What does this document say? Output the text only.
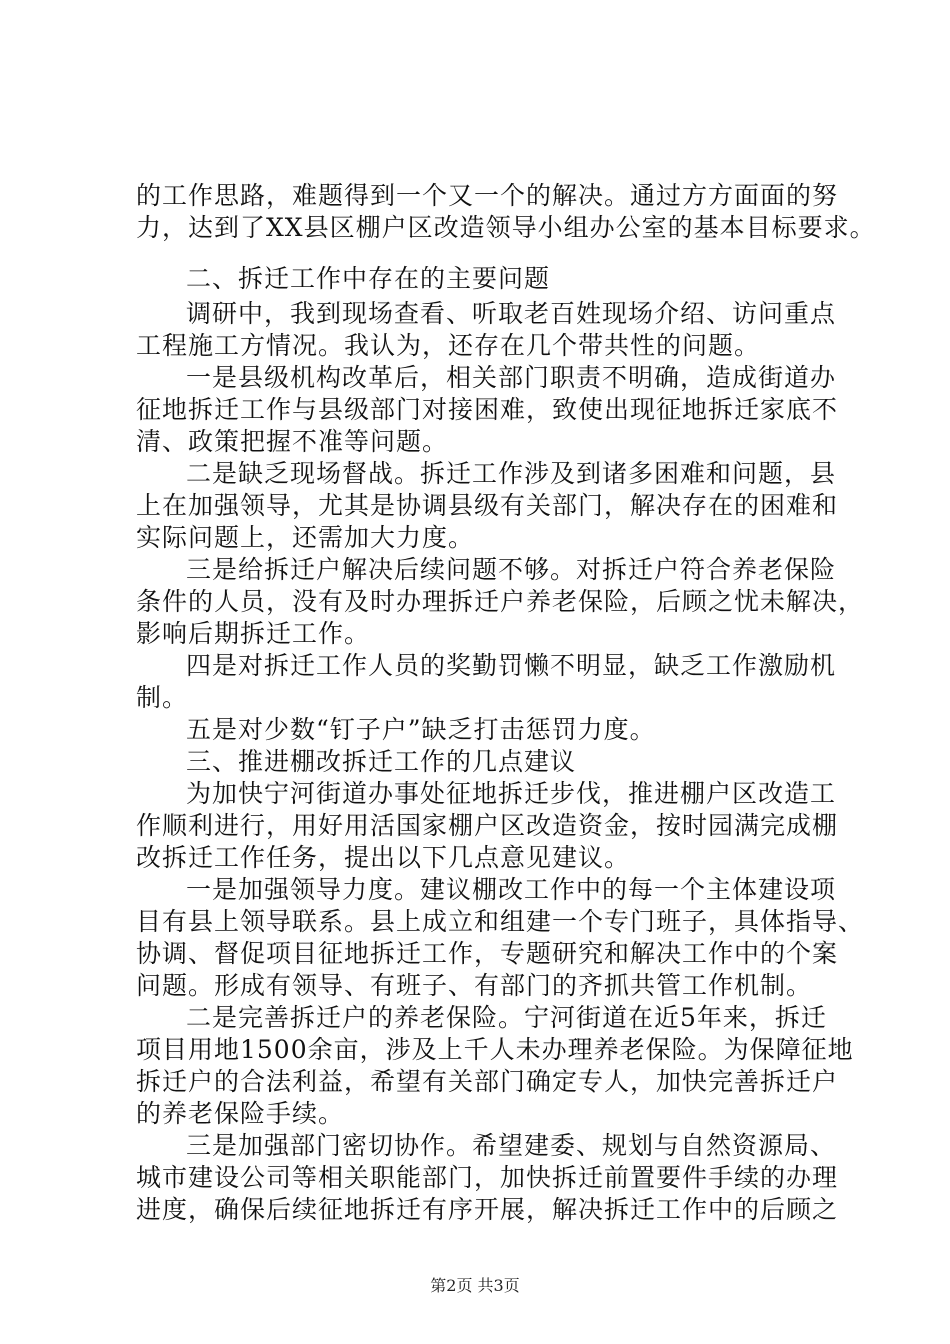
的工作思路，难题得到一个又一个的解决。通过方方面面的努
力，达到了XX县区棚户区改造领导小组办公室的基本目标要求。
二、拆迁工作中存在的主要问题
调研中，我到现场查看、听取老百姓现场介绍、访问重点
工程施工方情况。我认为，还存在几个带共性的问题。
一是县级机构改革后，相关部门职责不明确，造成街道办
征地拆迁工作与县级部门对接困难，致使出现征地拆迁家底不
清、政策把握不准等问题。
二是缺乏现场督战。拆迁工作涉及到诸多困难和问题，县
上在加强领导，尤其是协调县级有关部门，解决存在的困难和
实际问题上，还需加大力度。
三是给拆迁户解决后续问题不够。对拆迁户符合养老保险
条件的人员，没有及时办理拆迁户养老保险，后顾之忧未解决，
影响后期拆迁工作。
四是对拆迁工作人员的奖勤罚懒不明显，缺乏工作激励机
制。
五是对少数“钉子户”缺乏打击惩罚力度。
三、推进棚改拆迁工作的几点建议
为加快宁河街道办事处征地拆迁步伐，推进棚户区改造工
作顺利进行，用好用活国家棚户区改造资金，按时园满完成棚
改拆迁工作任务，提出以下几点意见建议。
一是加强领导力度。建议棚改工作中的每一个主体建设项
目有县上领导联系。县上成立和组建一个专门班子，具体指导、
协调、督促项目征地拆迁工作，专题研究和解决工作中的个案
问题。形成有领导、有班子、有部门的齐抓共管工作机制。
二是完善拆迁户的养老保险。宁河街道在近5年来，拆迁
项目用地1500余亩，涉及上千人未办理养老保险。为保障征地
拆迁户的合法利益，希望有关部门确定专人，加快完善拆迁户
的养老保险手续。
三是加强部门密切协作。希望建委、规划与自然资源局、
城市建设公司等相关职能部门，加快拆迁前置要件手续的办理
进度，确保后续征地拆迁有序开展，解决拆迁工作中的后顾之
第2页 共3页
